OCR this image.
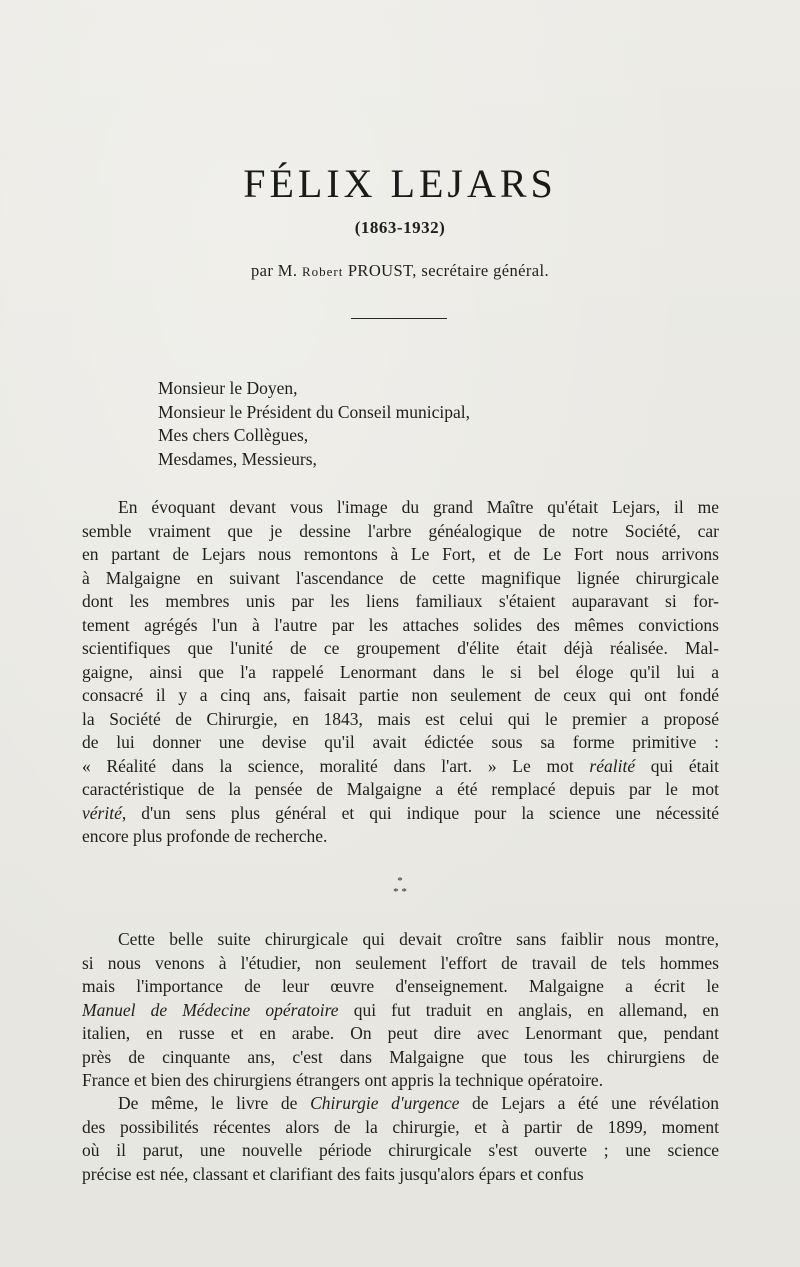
FÉLIX LEJARS
(1863-1932)
par M. Robert PROUST, secrétaire général.
Monsieur le Doyen,
Monsieur le Président du Conseil municipal,
Mes chers Collègues,
Mesdames, Messieurs,
En évoquant devant vous l'image du grand Maître qu'était Lejars, il me
semble vraiment que je dessine l'arbre généalogique de notre Société, car
en partant de Lejars nous remontons à Le Fort, et de Le Fort nous arrivons
à Malgaigne en suivant l'ascendance de cette magnifique lignée chirurgicale
dont les membres unis par les liens familiaux s'étaient auparavant si for-
tement agrégés l'un à l'autre par les attaches solides des mêmes convictions
scientifiques que l'unité de ce groupement d'élite était déjà réalisée. Mal-
gaigne, ainsi que l'a rappelé Lenormant dans le si bel éloge qu'il lui a
consacré il y a cinq ans, faisait partie non seulement de ceux qui ont fondé
la Société de Chirurgie, en 1843, mais est celui qui le premier a proposé
de lui donner une devise qu'il avait édictée sous sa forme primitive :
« Réalité dans la science, moralité dans l'art. » Le mot réalité qui était
caractéristique de la pensée de Malgaigne a été remplacé depuis par le mot
vérité, d'un sens plus général et qui indique pour la science une nécessité
encore plus profonde de recherche.
*
* *
Cette belle suite chirurgicale qui devait croître sans faiblir nous montre,
si nous venons à l'étudier, non seulement l'effort de travail de tels hommes
mais l'importance de leur œuvre d'enseignement. Malgaigne a écrit le
Manuel de Médecine opératoire qui fut traduit en anglais, en allemand, en
italien, en russe et en arabe. On peut dire avec Lenormant que, pendant
près de cinquante ans, c'est dans Malgaigne que tous les chirurgiens de
France et bien des chirurgiens étrangers ont appris la technique opératoire.
De même, le livre de Chirurgie d'urgence de Lejars a été une révélation
des possibilités récentes alors de la chirurgie, et à partir de 1899, moment
où il parut, une nouvelle période chirurgicale s'est ouverte ; une science
précise est née, classant et clarifiant des faits jusqu'alors épars et confus
